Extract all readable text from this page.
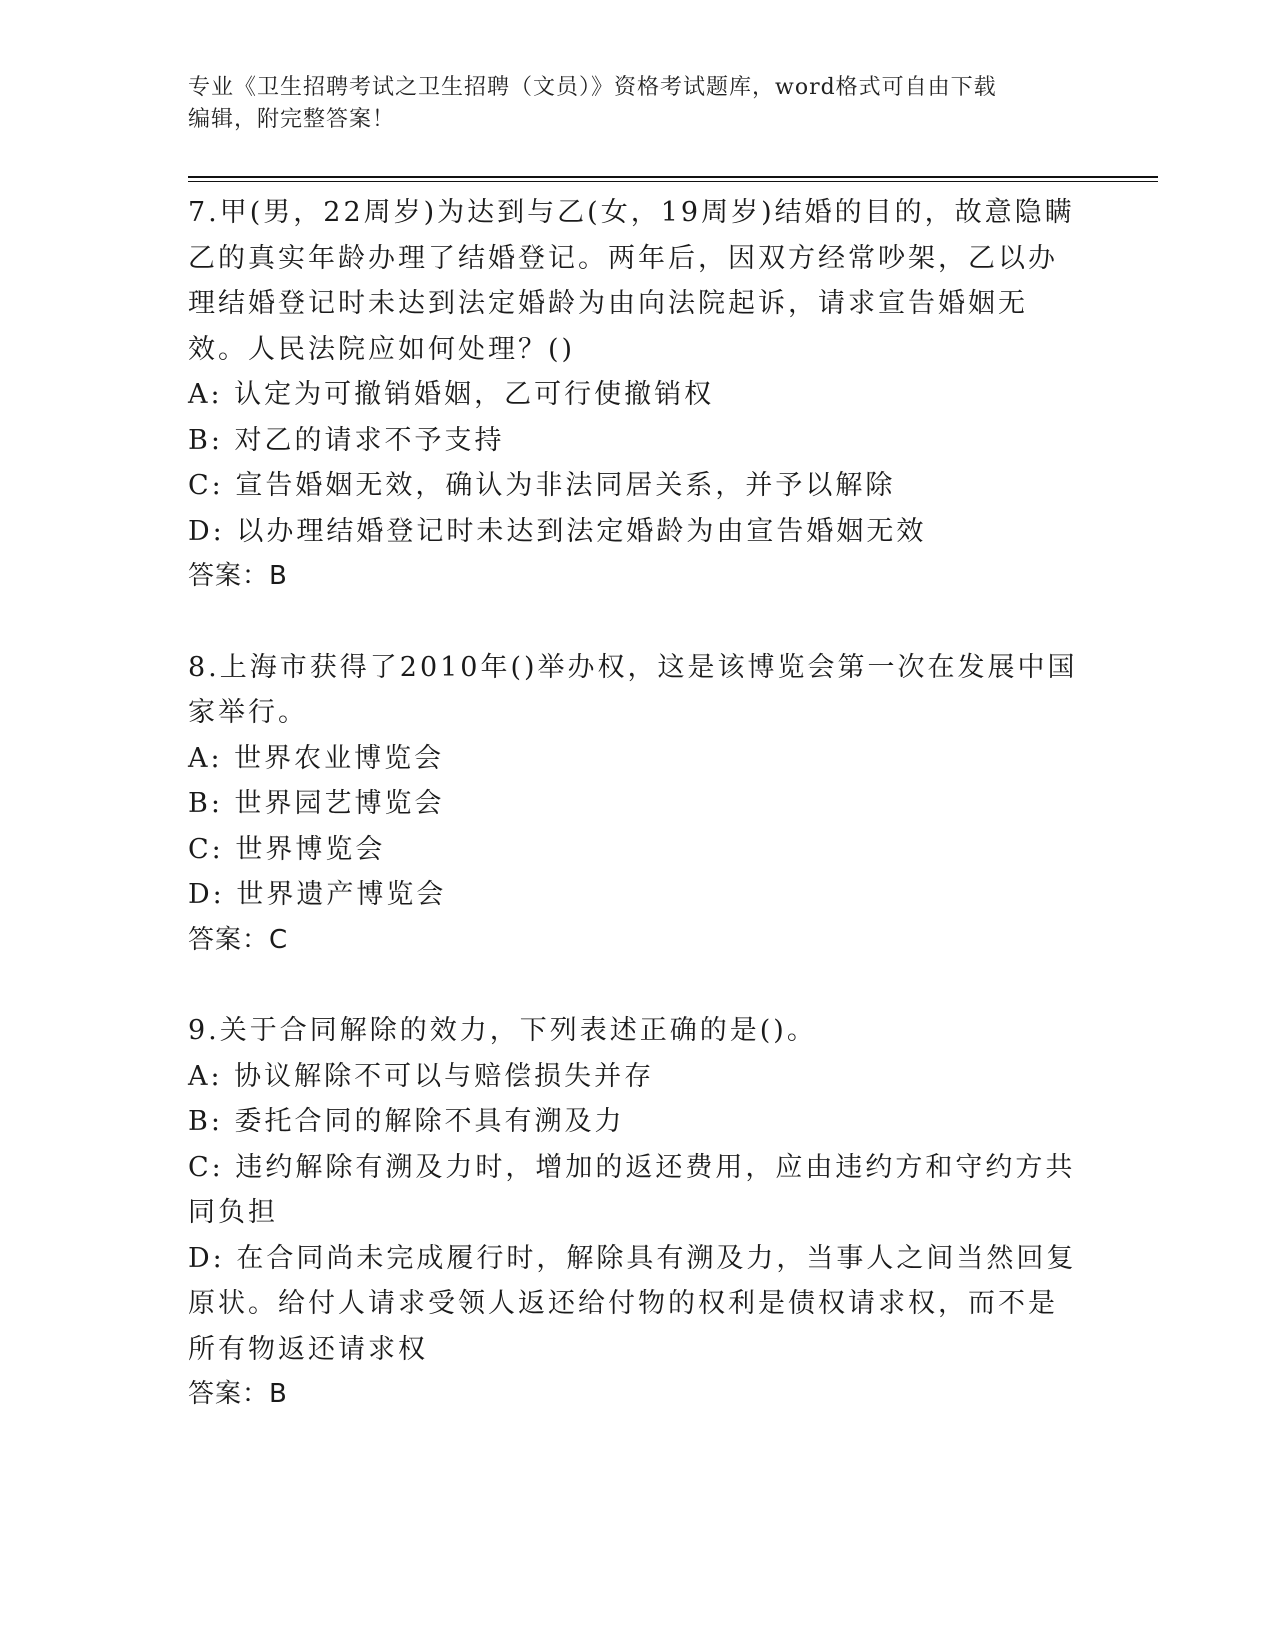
专业《卫生招聘考试之卫生招聘（文员）》资格考试题库，word格式可自由下载
编辑，附完整答案！

7.甲(男，22周岁)为达到与乙(女，19周岁)结婚的目的，故意隐瞒乙的真实年龄办理了结婚登记。两年后，因双方经常吵架，乙以办理结婚登记时未达到法定婚龄为由向法院起诉，请求宣告婚姻无效。人民法院应如何处理？()

A: 认定为可撤销婚姻，乙可行使撤销权

B: 对乙的请求不予支持

C: 宣告婚姻无效，确认为非法同居关系，并予以解除

D: 以办理结婚登记时未达到法定婚龄为由宣告婚姻无效

答案：B

8.上海市获得了2010年()举办权，这是该博览会第一次在发展中国家举行。

A: 世界农业博览会

B: 世界园艺博览会

C: 世界博览会

D: 世界遗产博览会

答案：C

9.关于合同解除的效力，下列表述正确的是()。

A: 协议解除不可以与赔偿损失并存

B: 委托合同的解除不具有溯及力

C: 违约解除有溯及力时，增加的返还费用，应由违约方和守约方共同负担

D: 在合同尚未完成履行时，解除具有溯及力，当事人之间当然回复原状。给付人请求受领人返还给付物的权利是债权请求权，而不是所有物返还请求权

答案：B
